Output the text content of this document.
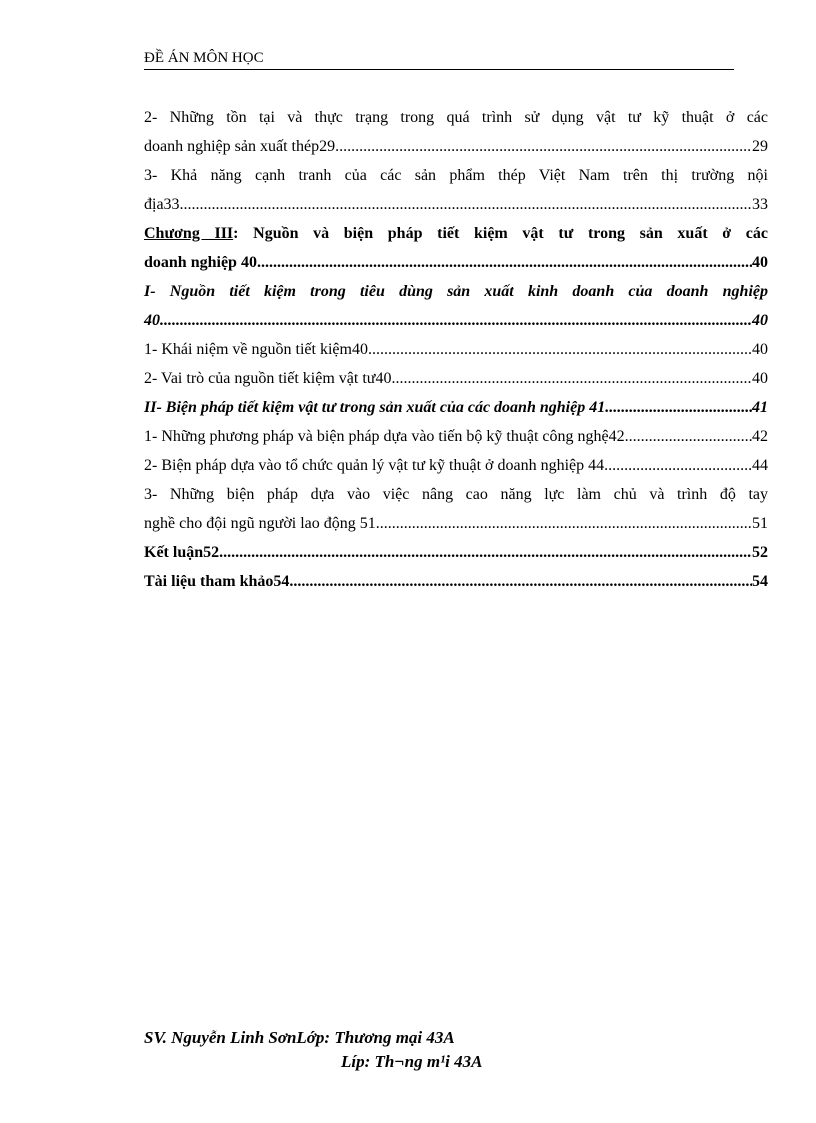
ĐỀ ÁN MÔN HỌC
2- Những tồn tại và thực trạng trong quá trình sử dụng vật tư kỹ thuật ở các
doanh nghiệp sản xuất thép29 .....	29
3- Khả năng cạnh tranh của các sản phẩm thép Việt Nam trên thị trường nội
địa33 .....	33
Chương III: Nguồn và biện pháp tiết kiệm vật tư trong sản xuất ở các
doanh nghiệp 40 .....	40
I- Nguồn tiết kiệm trong tiêu dùng sản xuất kinh doanh của doanh nghiệp
40 .....	40
1- Khái niệm về nguồn tiết kiệm40 .....	40
2- Vai trò của nguồn tiết kiệm vật tư40 .....	40
II- Biện pháp tiết kiệm vật tư trong sản xuất của các doanh nghiệp 41 .....	41
1- Những phương pháp và biện pháp dựa vào tiến bộ kỹ thuật công nghệ42 .....	42
2- Biện pháp dựa vào tổ chức quản lý vật tư kỹ thuật ở doanh nghiệp 44 .....	44
3- Những biện pháp dựa vào việc nâng cao năng lực làm chủ và trình độ tay
nghề cho đội ngũ người lao động 51 .....	51
Kết luận52 .....	52
Tài liệu tham khảo54 .....	54
SV. Nguyễn Linh SơnLớp: Thương mại 43A
Líp: Th¬ng m¹i 43A
